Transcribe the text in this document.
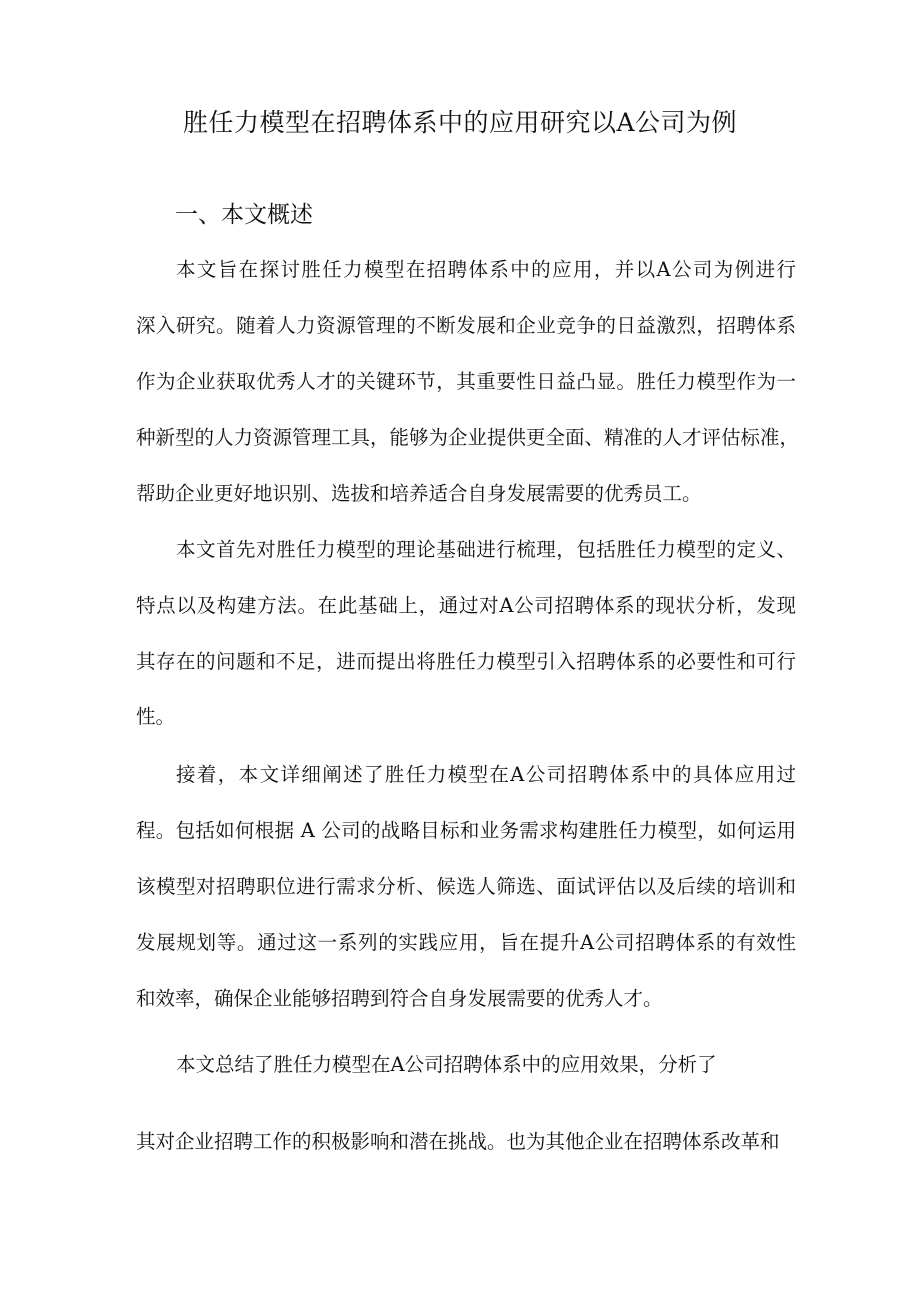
胜任力模型在招聘体系中的应用研究以A公司为例
一、本文概述
本文旨在探讨胜任力模型在招聘体系中的应用，并以A公司为例进行
深入研究。随着人力资源管理的不断发展和企业竞争的日益激烈，招聘体系
作为企业获取优秀人才的关键环节，其重要性日益凸显。胜任力模型作为一
种新型的人力资源管理工具，能够为企业提供更全面、精准的人才评估标准，
帮助企业更好地识别、选拔和培养适合自身发展需要的优秀员工。
本文首先对胜任力模型的理论基础进行梳理，包括胜任力模型的定义、
特点以及构建方法。在此基础上，通过对A公司招聘体系的现状分析，发现
其存在的问题和不足，进而提出将胜任力模型引入招聘体系的必要性和可行
性。
接着，本文详细阐述了胜任力模型在A公司招聘体系中的具体应用过
程。包括如何根据 A 公司的战略目标和业务需求构建胜任力模型，如何运用
该模型对招聘职位进行需求分析、候选人筛选、面试评估以及后续的培训和
发展规划等。通过这一系列的实践应用，旨在提升A公司招聘体系的有效性
和效率，确保企业能够招聘到符合自身发展需要的优秀人才。
本文总结了胜任力模型在A公司招聘体系中的应用效果，分析了
其对企业招聘工作的积极影响和潜在挑战。也为其他企业在招聘体系改革和
